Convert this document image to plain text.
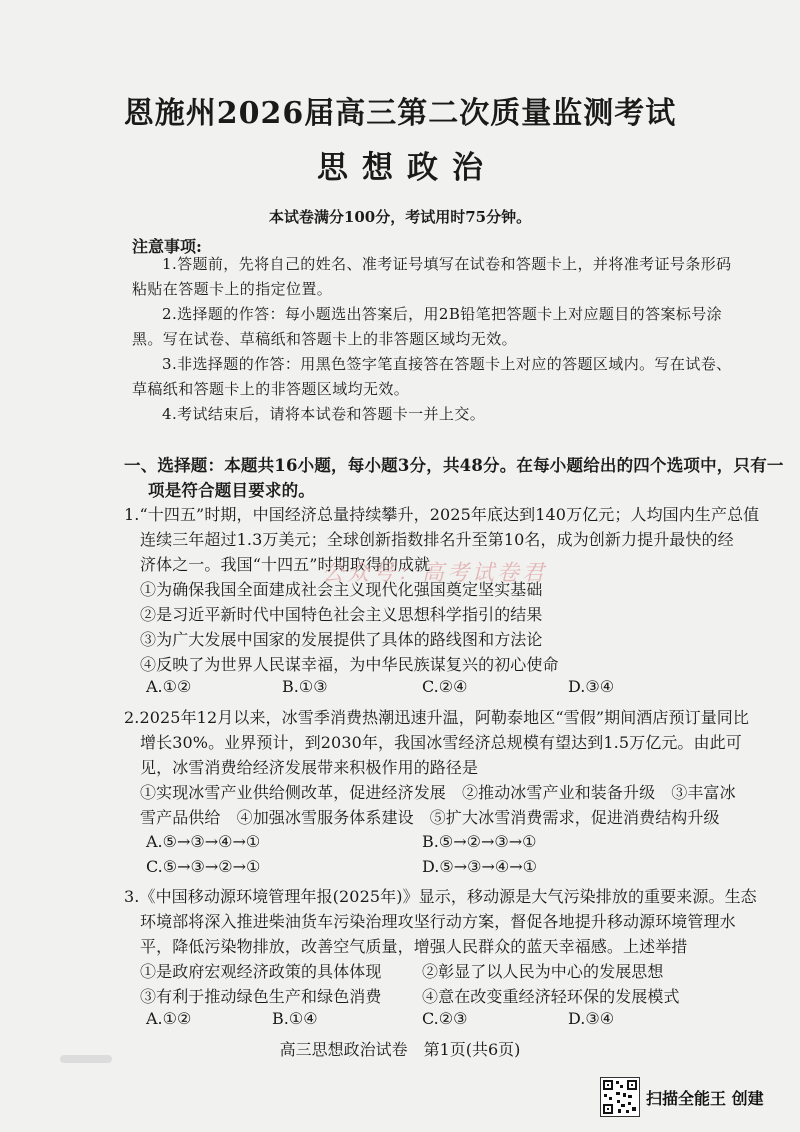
恩施州2026届高三第二次质量监测考试
思想政治
本试卷满分100分，考试用时75分钟。
注意事项:
1.答题前，先将自己的姓名、准考证号填写在试卷和答题卡上，并将准考证号条形码
粘贴在答题卡上的指定位置。
2.选择题的作答：每小题选出答案后，用2B铅笔把答题卡上对应题目的答案标号涂
黑。写在试卷、草稿纸和答题卡上的非答题区域均无效。
3.非选择题的作答：用黑色签字笔直接答在答题卡上对应的答题区域内。写在试卷、
草稿纸和答题卡上的非答题区域均无效。
4.考试结束后，请将本试卷和答题卡一并上交。
一、选择题：本题共16小题，每小题3分，共48分。在每小题给出的四个选项中，只有一
项是符合题目要求的。
1.“十四五”时期，中国经济总量持续攀升，2025年底达到140万亿元；人均国内生产总值
连续三年超过1.3万美元；全球创新指数排名升至第10名，成为创新力提升最快的经
济体之一。我国“十四五”时期取得的成就
公众号：高考试卷君
①为确保我国全面建成社会主义现代化强国奠定坚实基础
②是习近平新时代中国特色社会主义思想科学指引的结果
③为广大发展中国家的发展提供了具体的路线图和方法论
④反映了为世界人民谋幸福，为中华民族谋复兴的初心使命
A.①②	B.①③	C.②④	D.③④
2.2025年12月以来，冰雪季消费热潮迅速升温，阿勒泰地区“雪假”期间酒店预订量同比
增长30%。业界预计，到2030年，我国冰雪经济总规模有望达到1.5万亿元。由此可
见，冰雪消费给经济发展带来积极作用的路径是
①实现冰雪产业供给侧改革，促进经济发展　②推动冰雪产业和装备升级　③丰富冰
雪产品供给　④加强冰雪服务体系建设　⑤扩大冰雪消费需求，促进消费结构升级
A.⑤→③→④→①	B.⑤→②→③→①
C.⑤→③→②→①	D.⑤→③→④→①
3.《中国移动源环境管理年报(2025年)》显示，移动源是大气污染排放的重要来源。生态
环境部将深入推进柴油货车污染治理攻坚行动方案，督促各地提升移动源环境管理水
平，降低污染物排放，改善空气质量，增强人民群众的蓝天幸福感。上述举措
①是政府宏观经济政策的具体体现	②彰显了以人民为中心的发展思想
③有利于推动绿色生产和绿色消费	④意在改变重经济轻环保的发展模式
A.①②	B.①④	C.②③	D.③④
高三思想政治试卷　第1页(共6页)
扫描全能王 创建
